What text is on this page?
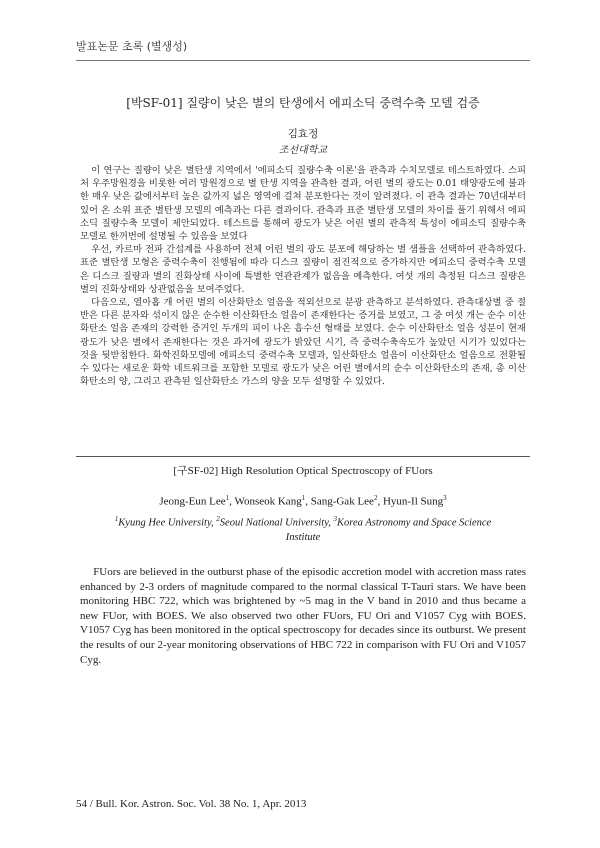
발표논문 초록 (별생성)
[박SF-01] 질량이 낮은 별의 탄생에서 에피소딕 중력수축 모델 검증
김효정
조선대학교

이 연구는 질량이 낮은 별탄생 지역에서 '에피소딕 질량수축 이론'을 관측과 수치모델로 테스트하였다. 스피처 우주망원경을 비롯한 여러 망원경으로 별 탄생 지역을 관측한 결과, 어린 별의 광도는 0.01 태양광도에 불과한 매우 낮은 값에서부터 높은 값까지 넓은 영역에 걸쳐 분포한다는 것이 알려졌다. 이 관측 결과는 70년대부터 있어 온 소위 표준 별탄생 모델의 예측과는 다른 결과이다. 관측과 표준 별탄생 모델의 차이를 풀기 위해서 에피소딕 질량수축 모델이 제안되었다. 테스트를 통해여 광도가 낮은 어린 별의 관측적 특성이 에피소딕 질량수축 모델로 한꺼번에 설명될 수 있음을 보였다

우선, 카르마 전파 간섭계를 사용하여 전체 어린 별의 광도 분포에 해당하는 별 샘플을 선택하여 관측하였다. 표준 별탄생 모형은 중력수축이 진행됨에 따라 디스크 질량이 점진적으로 증가하지만 에피소딕 중력수축 모델은 디스크 질량과 별의 진화상태 사이에 특별한 연관관계가 없음을 예측한다. 여섯 개의 측정된 디스크 질량은 별의 진화상태와 상관없음을 보여주었다.

다음으로, 열아홉 개 어린 별의 이산화탄소 얼음을 적외선으로 분광 관측하고 분석하였다. 관측대상별 중 절반은 다른 분자와 섞이지 않은 순수한 이산화탄소 얼음이 존재한다는 증거를 보였고, 그 중 여섯 개는 순수 이산화탄소 얼음 존재의 강력한 증거인 두개의 피이 나온 흡수선 형태를 보였다. 순수 이산화탄소 얼음 성분이 현재 광도가 낮은 별에서 존재한다는 것은 과거에 광도가 밝았던 시기, 즉 중력수축속도가 높았던 시기가 있었다는 것을 뒷받침한다. 화학진화모델에 에피소딕 중력수축 모델과, 일산화탄소 얼음이 이산화탄소 얼음으로 전환될 수 있다는 새로운 화학 네트워크를 포함한 모델로 광도가 낮은 어린 별에서의 순수 이산화탄소의 존재, 총 이산화탄소의 양, 그리고 관측된 일산화탄소 가스의 양을 모두 설명할 수 있었다.

[구SF-02] High Resolution Optical Spectroscopy of FUors
Jeong-Eun Lee$^1$, Wonseok Kang$^1$, Sang-Gak Lee$^2$, Hyun-Il Sung$^3$
$^1$Kyung Hee University, $^2$Seoul National University, $^3$Korea Astronomy and Space Science Institute

FUors are believed in the outburst phase of the episodic accretion model with accretion mass rates enhanced by 2-3 orders of magnitude compared to the normal classical T-Tauri stars. We have been monitoring HBC 722, which was brightened by ~5 mag in the V band in 2010 and thus became a new FUor, with BOES. We also observed two other FUors, FU Ori and V1057 Cyg with BOES. V1057 Cyg has been monitored in the optical spectroscopy for decades since its outburst. We present the results of our 2-year monitoring observations of HBC 722 in comparison with FU Ori and V1057 Cyg.

54 / Bull. Kor. Astron. Soc. Vol. 38 No. 1, Apr. 2013
